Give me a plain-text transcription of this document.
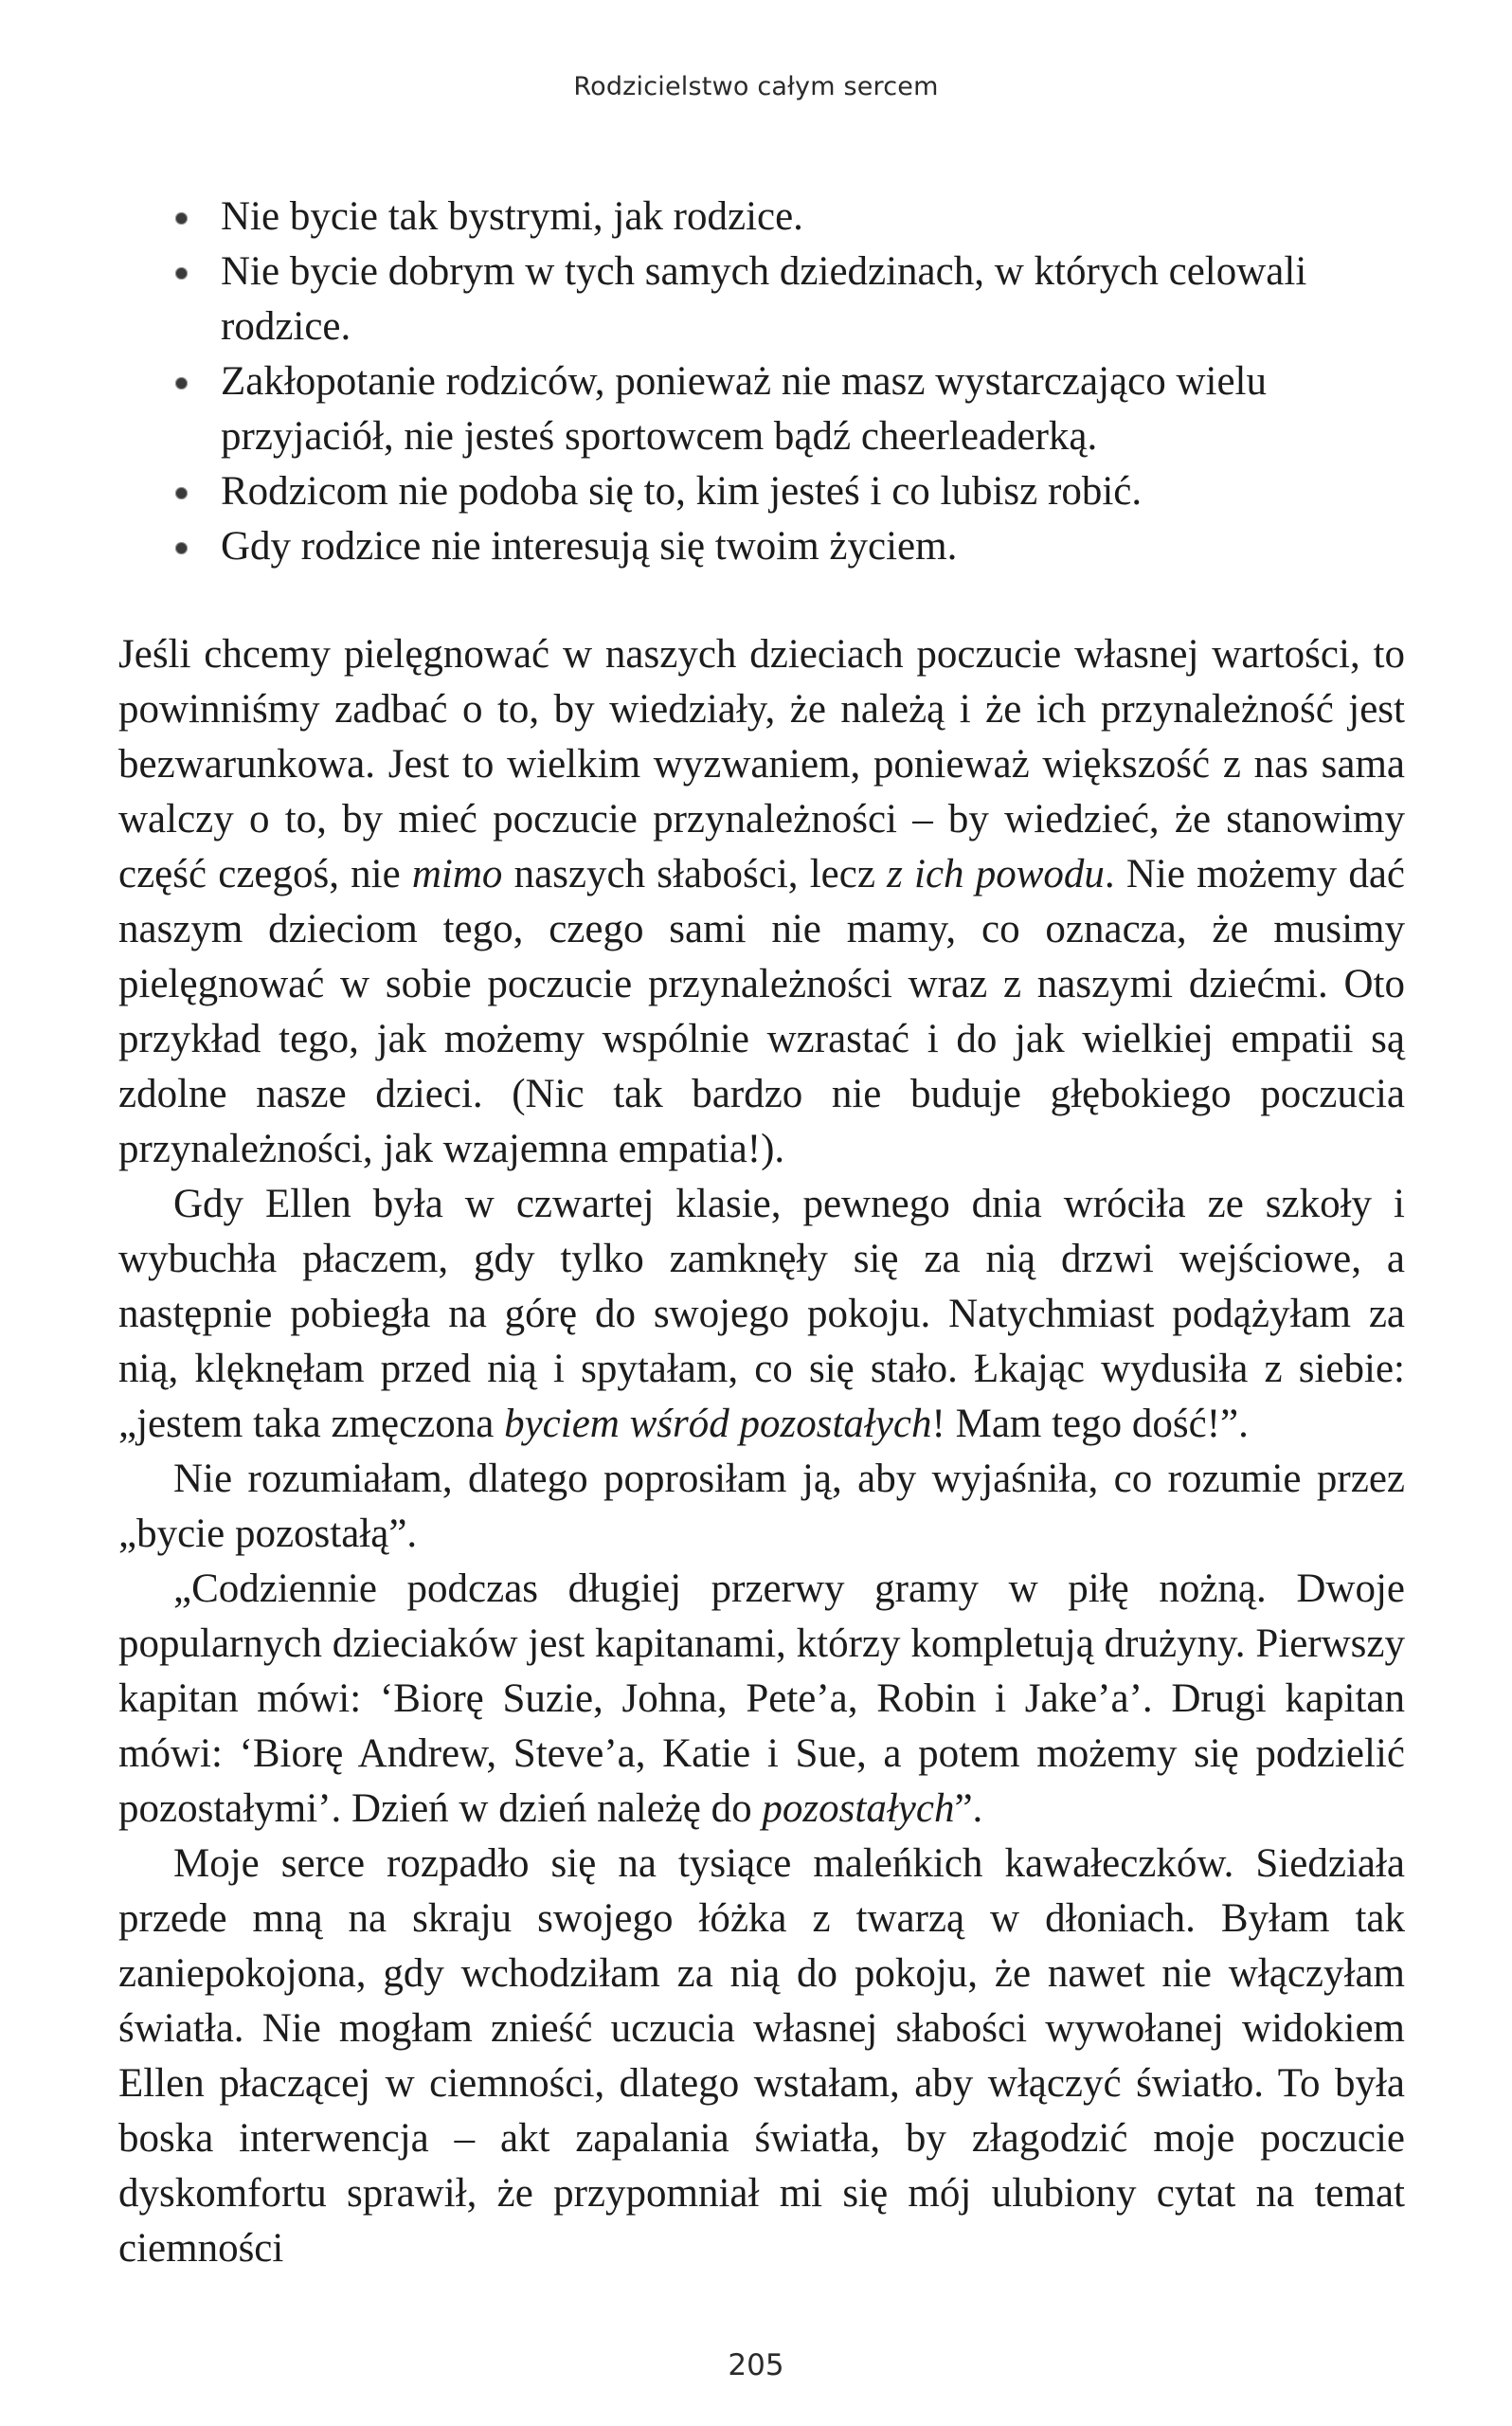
Rodzicielstwo całym sercem
Nie bycie tak bystrymi, jak rodzice.
Nie bycie dobrym w tych samych dziedzinach, w których celowali rodzice.
Zakłopotanie rodziców, ponieważ nie masz wystarczająco wielu przyjaciół, nie jesteś sportowcem bądź cheerleaderką.
Rodzicom nie podoba się to, kim jesteś i co lubisz robić.
Gdy rodzice nie interesują się twoim życiem.

Jeśli chcemy pielęgnować w naszych dzieciach poczucie własnej wartości, to powinniśmy zadbać o to, by wiedziały, że należą i że ich przynależność jest bezwarunkowa. Jest to wielkim wyzwaniem, ponieważ większość z nas sama walczy o to, by mieć poczucie przynależności – by wiedzieć, że stanowimy część czegoś, nie mimo naszych słabości, lecz z ich powodu. Nie możemy dać naszym dzieciom tego, czego sami nie mamy, co oznacza, że musimy pielęgnować w sobie poczucie przynależności wraz z naszymi dziećmi. Oto przykład tego, jak możemy wspólnie wzrastać i do jak wielkiej empatii są zdolne nasze dzieci. (Nic tak bardzo nie buduje głębokiego poczucia przynależności, jak wzajemna empatia!).

Gdy Ellen była w czwartej klasie, pewnego dnia wróciła ze szkoły i wybuchła płaczem, gdy tylko zamknęły się za nią drzwi wejściowe, a następnie pobiegła na górę do swojego pokoju. Natychmiast podążyłam za nią, klęknęłam przed nią i spytałam, co się stało. Łkając wydusiła z siebie: „jestem taka zmęczona byciem wśród pozostałych! Mam tego dość!”.

Nie rozumiałam, dlatego poprosiłam ją, aby wyjaśniła, co rozumie przez „bycie pozostałą”.

„Codziennie podczas długiej przerwy gramy w piłę nożną. Dwoje popularnych dzieciaków jest kapitanami, którzy kompletują drużyny. Pierwszy kapitan mówi: ‘Biorę Suzie, Johna, Pete’a, Robin i Jake’a’. Drugi kapitan mówi: ‘Biorę Andrew, Steve’a, Katie i Sue, a potem możemy się podzielić pozostałymi’. Dzień w dzień należę do pozostałych”.

Moje serce rozpadło się na tysiące maleńkich kawałeczków. Siedziała przede mną na skraju swojego łóżka z twarzą w dłoniach. Byłam tak zaniepokojona, gdy wchodziłam za nią do pokoju, że nawet nie włączyłam światła. Nie mogłam znieść uczucia własnej słabości wywołanej widokiem Ellen płaczącej w ciemności, dlatego wstałam, aby włączyć światło. To była boska interwencja – akt zapalania światła, by złagodzić moje poczucie dyskomfortu sprawił, że przypomniał mi się mój ulubiony cytat na temat ciemności

205
